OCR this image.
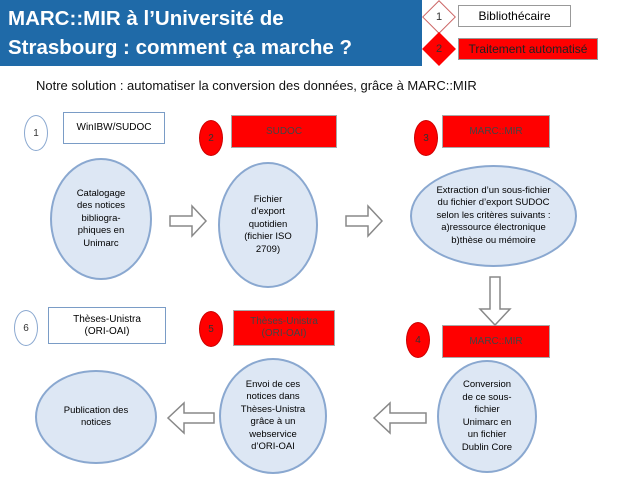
MARC::MIR à l’Université de
Strasbourg : comment ça marche ?
1	Bibliothécaire
2	Traitement automatisé
Notre solution : automatiser la conversion des données, grâce à MARC::MIR
1	WinIBW/SUDOC
Catalogage
des notices
bibliogra-
phiques en
Unimarc
2
SUDOC
Fichier
d’export
quotidien
(fichier ISO
2709)
3
MARC::MIR
Extraction d’un sous-fichier
du fichier d’export SUDOC
selon les critères suivants :
a)ressource électronique
b)thèse ou mémoire
6
Thèses-Unistra
(ORI-OAI)
Publication des
notices
5
Thèses-Unistra
(ORI-OAI)
Envoi de ces
notices dans
Thèses-Unistra
grâce à un
webservice
d’ORI-OAI
4	MARC::MIR
Conversion
de ce sous-
fichier
Unimarc en
un fichier
Dublin Core
